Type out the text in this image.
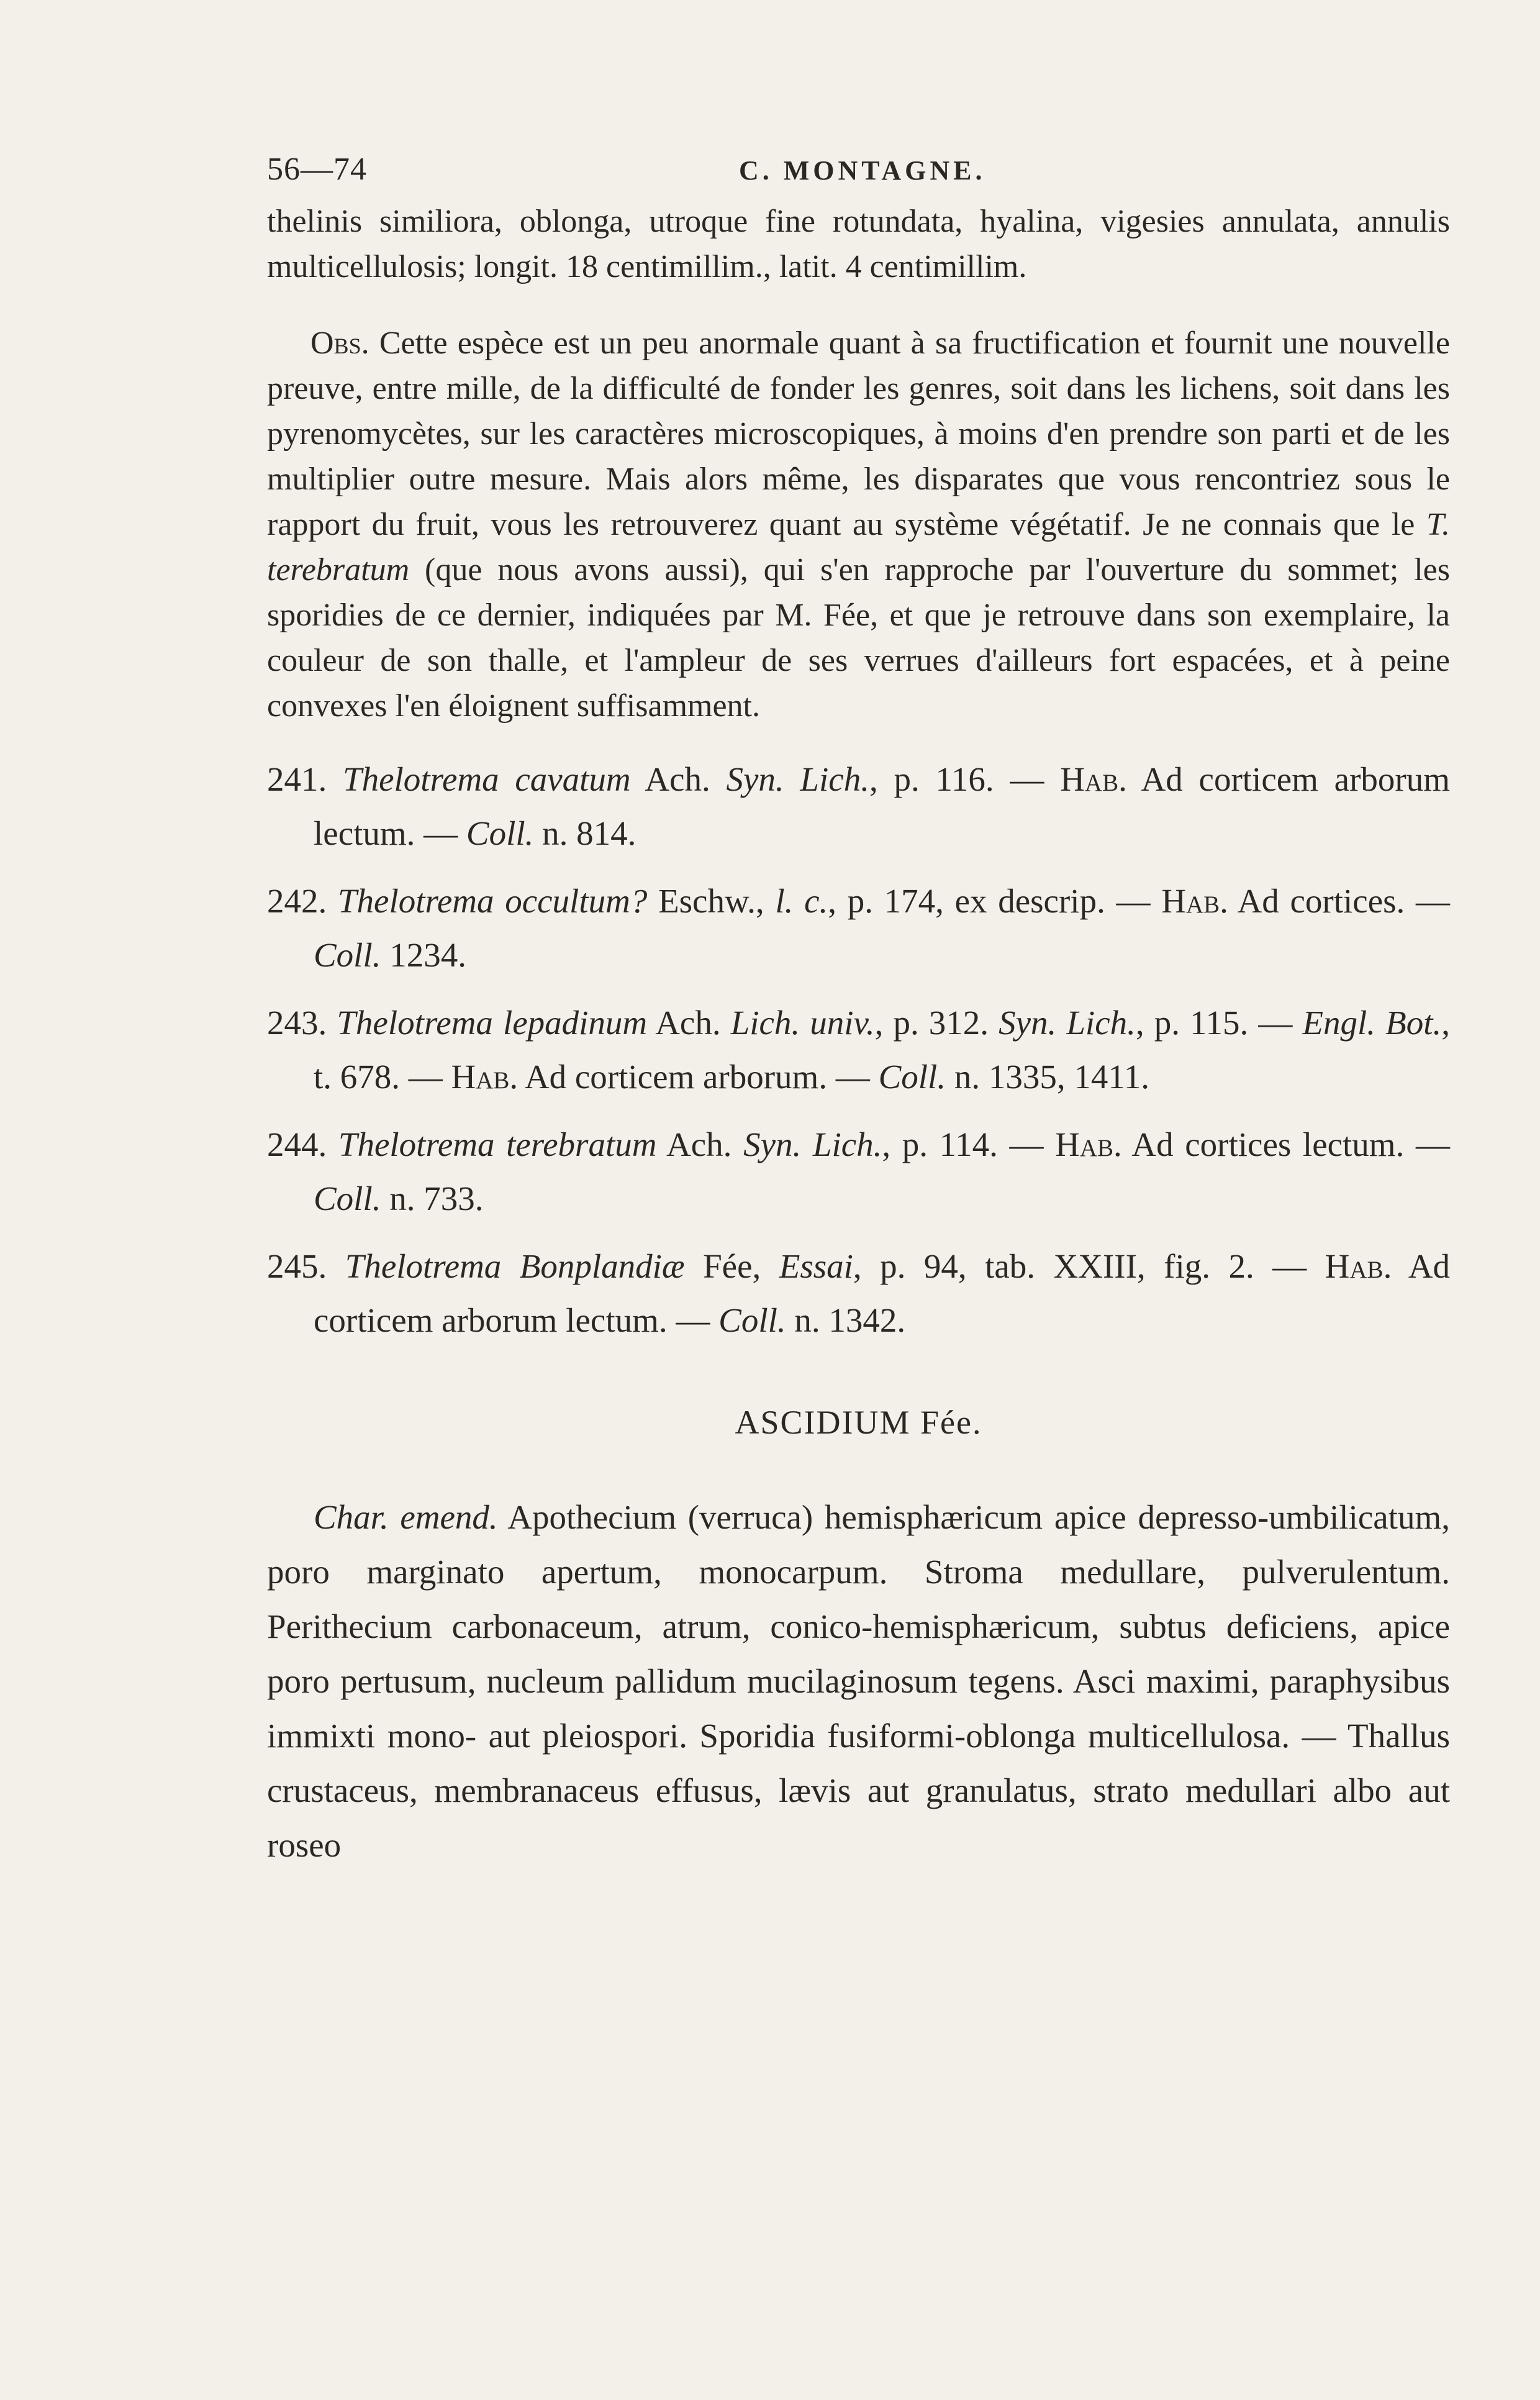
56—74	C. MONTAGNE.

thelinis similiora, oblonga, utroque fine rotundata, hyalina, vigesies annulata, annulis multicellulosis; longit. 18 centimillim., latit. 4 centimillim.

Obs. Cette espèce est un peu anormale quant à sa fructification et fournit une nouvelle preuve, entre mille, de la difficulté de fonder les genres, soit dans les lichens, soit dans les pyrenomycètes, sur les caractères microscopiques, à moins d'en prendre son parti et de les multiplier outre mesure. Mais alors même, les disparates que vous rencontriez sous le rapport du fruit, vous les retrouverez quant au système végétatif. Je ne connais que le T. terebratum (que nous avons aussi), qui s'en rapproche par l'ouverture du sommet; les sporidies de ce dernier, indiquées par M. Fée, et que je retrouve dans son exemplaire, la couleur de son thalle, et l'ampleur de ses verrues d'ailleurs fort espacées, et à peine convexes l'en éloignent suffisamment.

241. Thelotrema cavatum Ach. Syn. Lich., p. 116. — Hab. Ad corticem arborum lectum. — Coll. n. 814.

242. Thelotrema occultum? Eschw., l. c., p. 174, ex descrip. — Hab. Ad cortices. — Coll. 1234.

243. Thelotrema lepadinum Ach. Lich. univ., p. 312. Syn. Lich., p. 115. — Engl. Bot., t. 678. — Hab. Ad corticem arborum. — Coll. n. 1335, 1411.

244. Thelotrema terebratum Ach. Syn. Lich., p. 114. — Hab. Ad cortices lectum. — Coll. n. 733.

245. Thelotrema Bonplandiæ Fée, Essai, p. 94, tab. XXIII, fig. 2. — Hab. Ad corticem arborum lectum. — Coll. n. 1342.

ASCIDIUM Fée.

Char. emend. Apothecium (verruca) hemisphæricum apice depresso-umbilicatum, poro marginato apertum, monocarpum. Stroma medullare, pulverulentum. Perithecium carbonaceum, atrum, conico-hemisphæricum, subtus deficiens, apice poro pertusum, nucleum pallidum mucilaginosum tegens. Asci maximi, paraphysibus immixti mono- aut pleiospori. Sporidia fusiformi-oblonga multicellulosa. — Thallus crustaceus, membranaceus effusus, lævis aut granulatus, strato medullari albo aut roseo
